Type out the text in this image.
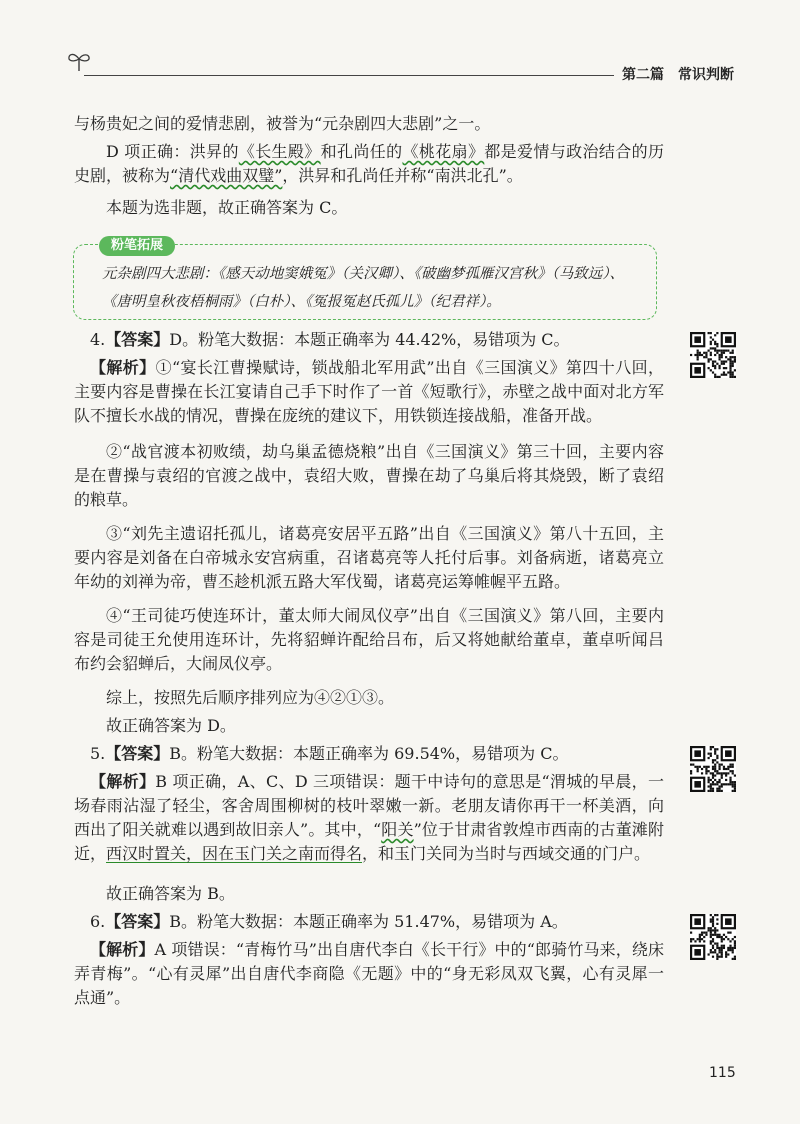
第二篇 常识判断

与杨贵妃之间的爱情悲剧，被誉为“元杂剧四大悲剧”之一。

D 项正确：洪昇的《长生殿》和孔尚任的《桃花扇》都是爱情与政治结合的历史剧，被称为“清代戏曲双璧”，洪昇和孔尚任并称“南洪北孔”。

本题为选非题，故正确答案为 C。

粉笔拓展

元杂剧四大悲剧：《感天动地窦娥冤》（关汉卿）、《破幽梦孤雁汉宫秋》（马致远）、《唐明皇秋夜梧桐雨》（白朴）、《冤报冤赵氏孤儿》（纪君祥）。

4.【答案】D。粉笔大数据：本题正确率为 44.42%，易错项为 C。

【解析】①“宴长江曹操赋诗，锁战船北军用武”出自《三国演义》第四十八回，主要内容是曹操在长江宴请自己手下时作了一首《短歌行》，赤壁之战中面对北方军队不擅长水战的情况，曹操在庞统的建议下，用铁锁连接战船，准备开战。

②“战官渡本初败绩，劫乌巢孟德烧粮”出自《三国演义》第三十回，主要内容是在曹操与袁绍的官渡之战中，袁绍大败，曹操在劫了乌巢后将其烧毁，断了袁绍的粮草。

③“刘先主遗诏托孤儿，诸葛亮安居平五路”出自《三国演义》第八十五回，主要内容是刘备在白帝城永安宫病重，召诸葛亮等人托付后事。刘备病逝，诸葛亮立年幼的刘禅为帝，曹丕趁机派五路大军伐蜀，诸葛亮运筹帷幄平五路。

④“王司徒巧使连环计，董太师大闹凤仪亭”出自《三国演义》第八回，主要内容是司徒王允使用连环计，先将貂蝉许配给吕布，后又将她献给董卓，董卓听闻吕布约会貂蝉后，大闹凤仪亭。

综上，按照先后顺序排列应为④②①③。

故正确答案为 D。

5.【答案】B。粉笔大数据：本题正确率为 69.54%，易错项为 C。

【解析】B 项正确，A、C、D 三项错误：题干中诗句的意思是“渭城的早晨，一场春雨沾湿了轻尘，客舍周围柳树的枝叶翠嫩一新。老朋友请你再干一杯美酒，向西出了阳关就难以遇到故旧亲人”。其中，“阳关”位于甘肃省敦煌市西南的古董滩附近，西汉时置关，因在玉门关之南而得名，和玉门关同为当时与西域交通的门户。

故正确答案为 B。

6.【答案】B。粉笔大数据：本题正确率为 51.47%，易错项为 A。

【解析】A 项错误：“青梅竹马”出自唐代李白《长干行》中的“郎骑竹马来，绕床弄青梅”。“心有灵犀”出自唐代李商隐《无题》中的“身无彩凤双飞翼，心有灵犀一点通”。

115
